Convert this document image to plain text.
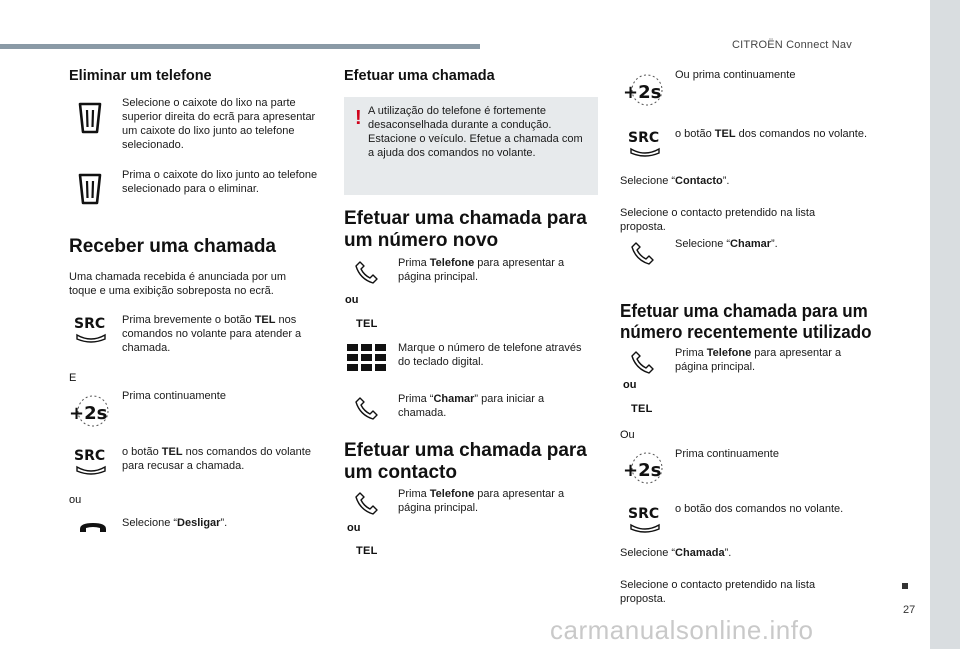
CITROËN Connect Nav
27
carmanualsonline.info
Eliminar um telefone
Selecione o caixote do lixo na parte superior direita do ecrã para apresentar um caixote do lixo junto ao telefone selecionado.
Prima o caixote do lixo junto ao telefone selecionado para o eliminar.
Receber uma chamada
Uma chamada recebida é anunciada por um toque e uma exibição sobreposta no ecrã.
SRC	Prima brevemente o botão TEL nos comandos no volante para atender a chamada.
E
+2s
Prima continuamente
SRC	o botão TEL nos comandos do volante para recusar a chamada.
ou
Selecione “Desligar”.
Efetuar uma chamada
! A utilização do telefone é fortemente desaconselhada durante a condução. Estacione o veículo. Efetue a chamada com a ajuda dos comandos no volante.
Efetuar uma chamada para
um número novo
Prima Telefone para apresentar a página principal.
ou
TEL
Marque o número de telefone através do teclado digital.
Prima “Chamar” para iniciar a chamada.
Efetuar uma chamada para
um contacto
Prima Telefone para apresentar a página principal.
ou
TEL
+2s
Ou prima continuamente
SRC	o botão TEL dos comandos no volante.
Selecione “Contacto”.
Selecione o contacto pretendido na lista proposta.
Selecione “Chamar”.
Efetuar uma chamada para um
número recentemente utilizado
Prima Telefone para apresentar a página principal.
ou
TEL
Ou
+2s
Prima continuamente
SRC	o botão dos comandos no volante.
Selecione “Chamada”.
Selecione o contacto pretendido na lista proposta.
